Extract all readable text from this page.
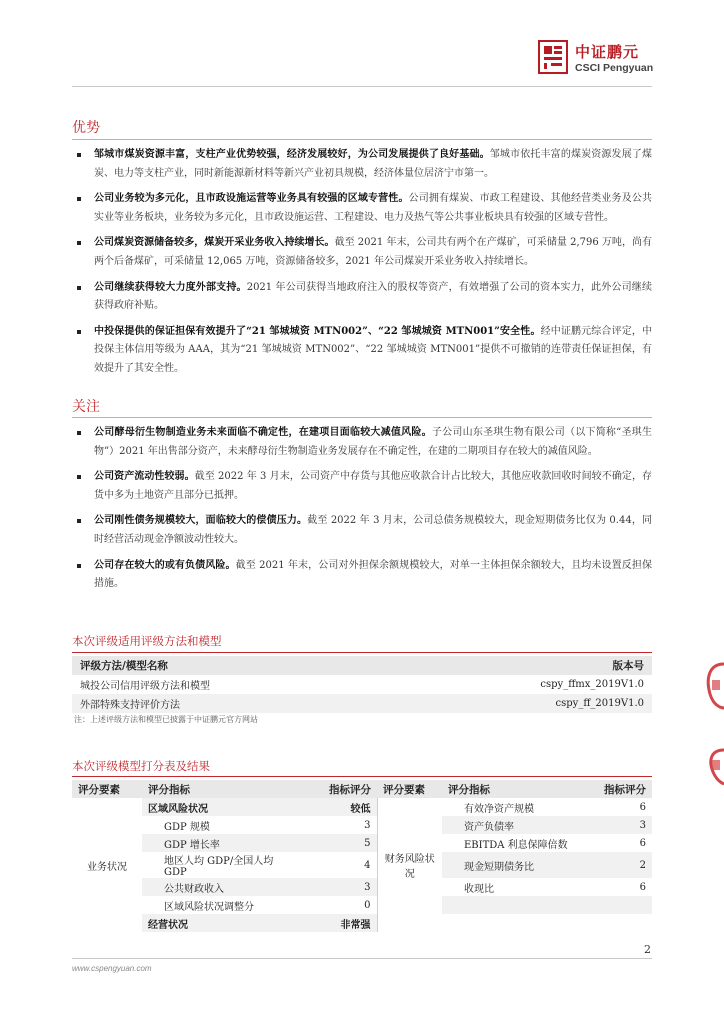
中证鹏元
CSCI Pengyuan
优势
邹城市煤炭资源丰富，支柱产业优势较强，经济发展较好，为公司发展提供了良好基础。邹城市依托丰富的煤炭资源发展了煤炭、电力等支柱产业，同时新能源新材料等新兴产业初具规模，经济体量位居济宁市第一。
公司业务较为多元化，且市政设施运营等业务具有较强的区域专营性。公司拥有煤炭、市政工程建设、其他经营类业务及公共实业等业务板块，业务较为多元化，且市政设施运营、工程建设、电力及热气等公共事业板块具有较强的区域专营性。
公司煤炭资源储备较多，煤炭开采业务收入持续增长。截至 2021 年末，公司共有两个在产煤矿，可采储量 2,796 万吨，尚有两个后备煤矿，可采储量 12,065 万吨，资源储备较多，2021 年公司煤炭开采业务收入持续增长。
公司继续获得较大力度外部支持。2021 年公司获得当地政府注入的股权等资产，有效增强了公司的资本实力，此外公司继续获得政府补贴。
中投保提供的保证担保有效提升了“21 邹城城资 MTN002”、“22 邹城城资 MTN001”安全性。经中证鹏元综合评定，中投保主体信用等级为 AAA，其为“21 邹城城资 MTN002”、“22 邹城城资 MTN001”提供不可撤销的连带责任保证担保，有效提升了其安全性。
关注
公司酵母衍生物制造业务未来面临不确定性，在建项目面临较大减值风险。子公司山东圣琪生物有限公司（以下简称“圣琪生物”）2021 年出售部分资产，未来酵母衍生物制造业务发展存在不确定性，在建的二期项目存在较大的减值风险。
公司资产流动性较弱。截至 2022 年 3 月末，公司资产中存货与其他应收款合计占比较大，其他应收款回收时间较不确定，存货中多为土地资产且部分已抵押。
公司刚性债务规模较大，面临较大的偿债压力。截至 2022 年 3 月末，公司总债务规模较大，现金短期债务比仅为 0.44，同时经营活动现金净额波动性较大。
公司存在较大的或有负债风险。截至 2021 年末，公司对外担保余额规模较大，对单一主体担保余额较大，且均未设置反担保措施。
本次评级适用评级方法和模型
评级方法/模型名称	版本号
城投公司信用评级方法和模型	cspy_ffmx_2019V1.0
外部特殊支持评价方法	cspy_ff_2019V1.0
注：上述评级方法和模型已披露于中证鹏元官方网站
本次评级模型打分表及结果
评分要素	评分指标	指标评分	评分要素	评分指标	指标评分
业务状况	区域风险状况	较低	财务风险状况	有效净资产规模	6
	GDP 规模	3		资产负债率	3
	GDP 增长率	5		EBITDA 利息保障倍数	6
	地区人均 GDP/全国人均 GDP	4		现金短期债务比	2
	公共财政收入	3		收现比	6
	区域风险状况调整分	0			
	经营状况	非常强			
2
www.cspengyuan.com
